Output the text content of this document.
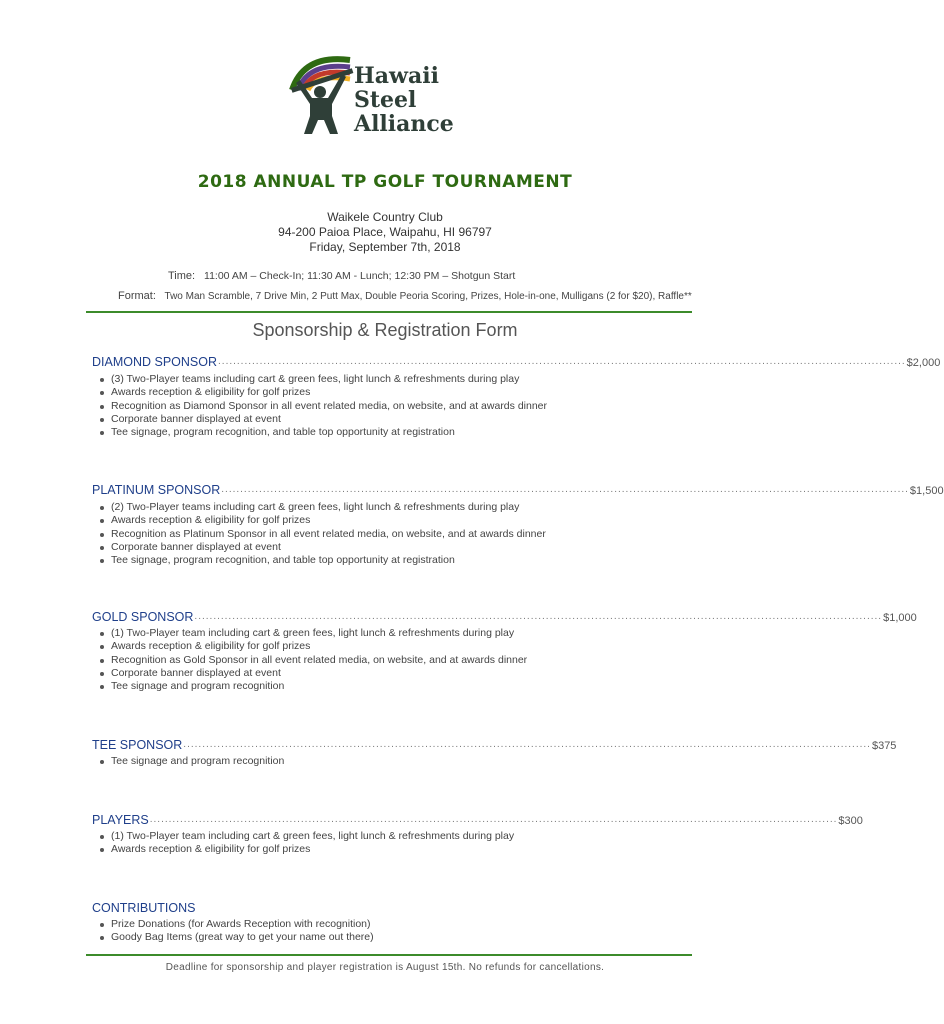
Hawaii
Steel
Alliance
2018 ANNUAL TP GOLF TOURNAMENT
Waikele Country Club
94-200 Paioa Place, Waipahu, HI 96797
Friday, September 7th, 2018
Time: 11:00 AM – Check-In; 11:30 AM - Lunch; 12:30 PM – Shotgun Start
Format: Two Man Scramble, 7 Drive Min, 2 Putt Max, Double Peoria Scoring, Prizes, Hole-in-one, Mulligans (2 for $20), Raffle**
Sponsorship & Registration Form
DIAMOND SPONSOR ...................................................................................................................................................................................... $2,000
(3) Two-Player teams including cart & green fees, light lunch & refreshments during play
Awards reception & eligibility for golf prizes
Recognition as Diamond Sponsor in all event related media, on website, and at awards dinner
Corporate banner displayed at event
Tee signage, program recognition, and table top opportunity at registration
PLATINUM SPONSOR ...................................................................................................................................................................................... $1,500
(2) Two-Player teams including cart & green fees, light lunch & refreshments during play
Awards reception & eligibility for golf prizes
Recognition as Platinum Sponsor in all event related media, on website, and at awards dinner
Corporate banner displayed at event
Tee signage, program recognition, and table top opportunity at registration
GOLD SPONSOR ...................................................................................................................................................................................... $1,000
(1) Two-Player team including cart & green fees, light lunch & refreshments during play
Awards reception & eligibility for golf prizes
Recognition as Gold Sponsor in all event related media, on website, and at awards dinner
Corporate banner displayed at event
Tee signage and program recognition
TEE SPONSOR ...................................................................................................................................................................................... $375
Tee signage and program recognition
PLAYERS ...................................................................................................................................................................................... $300
(1) Two-Player team including cart & green fees, light lunch & refreshments during play
Awards reception & eligibility for golf prizes
CONTRIBUTIONS
Prize Donations (for Awards Reception with recognition)
Goody Bag Items (great way to get your name out there)
Deadline for sponsorship and player registration is August 15th. No refunds for cancellations.
